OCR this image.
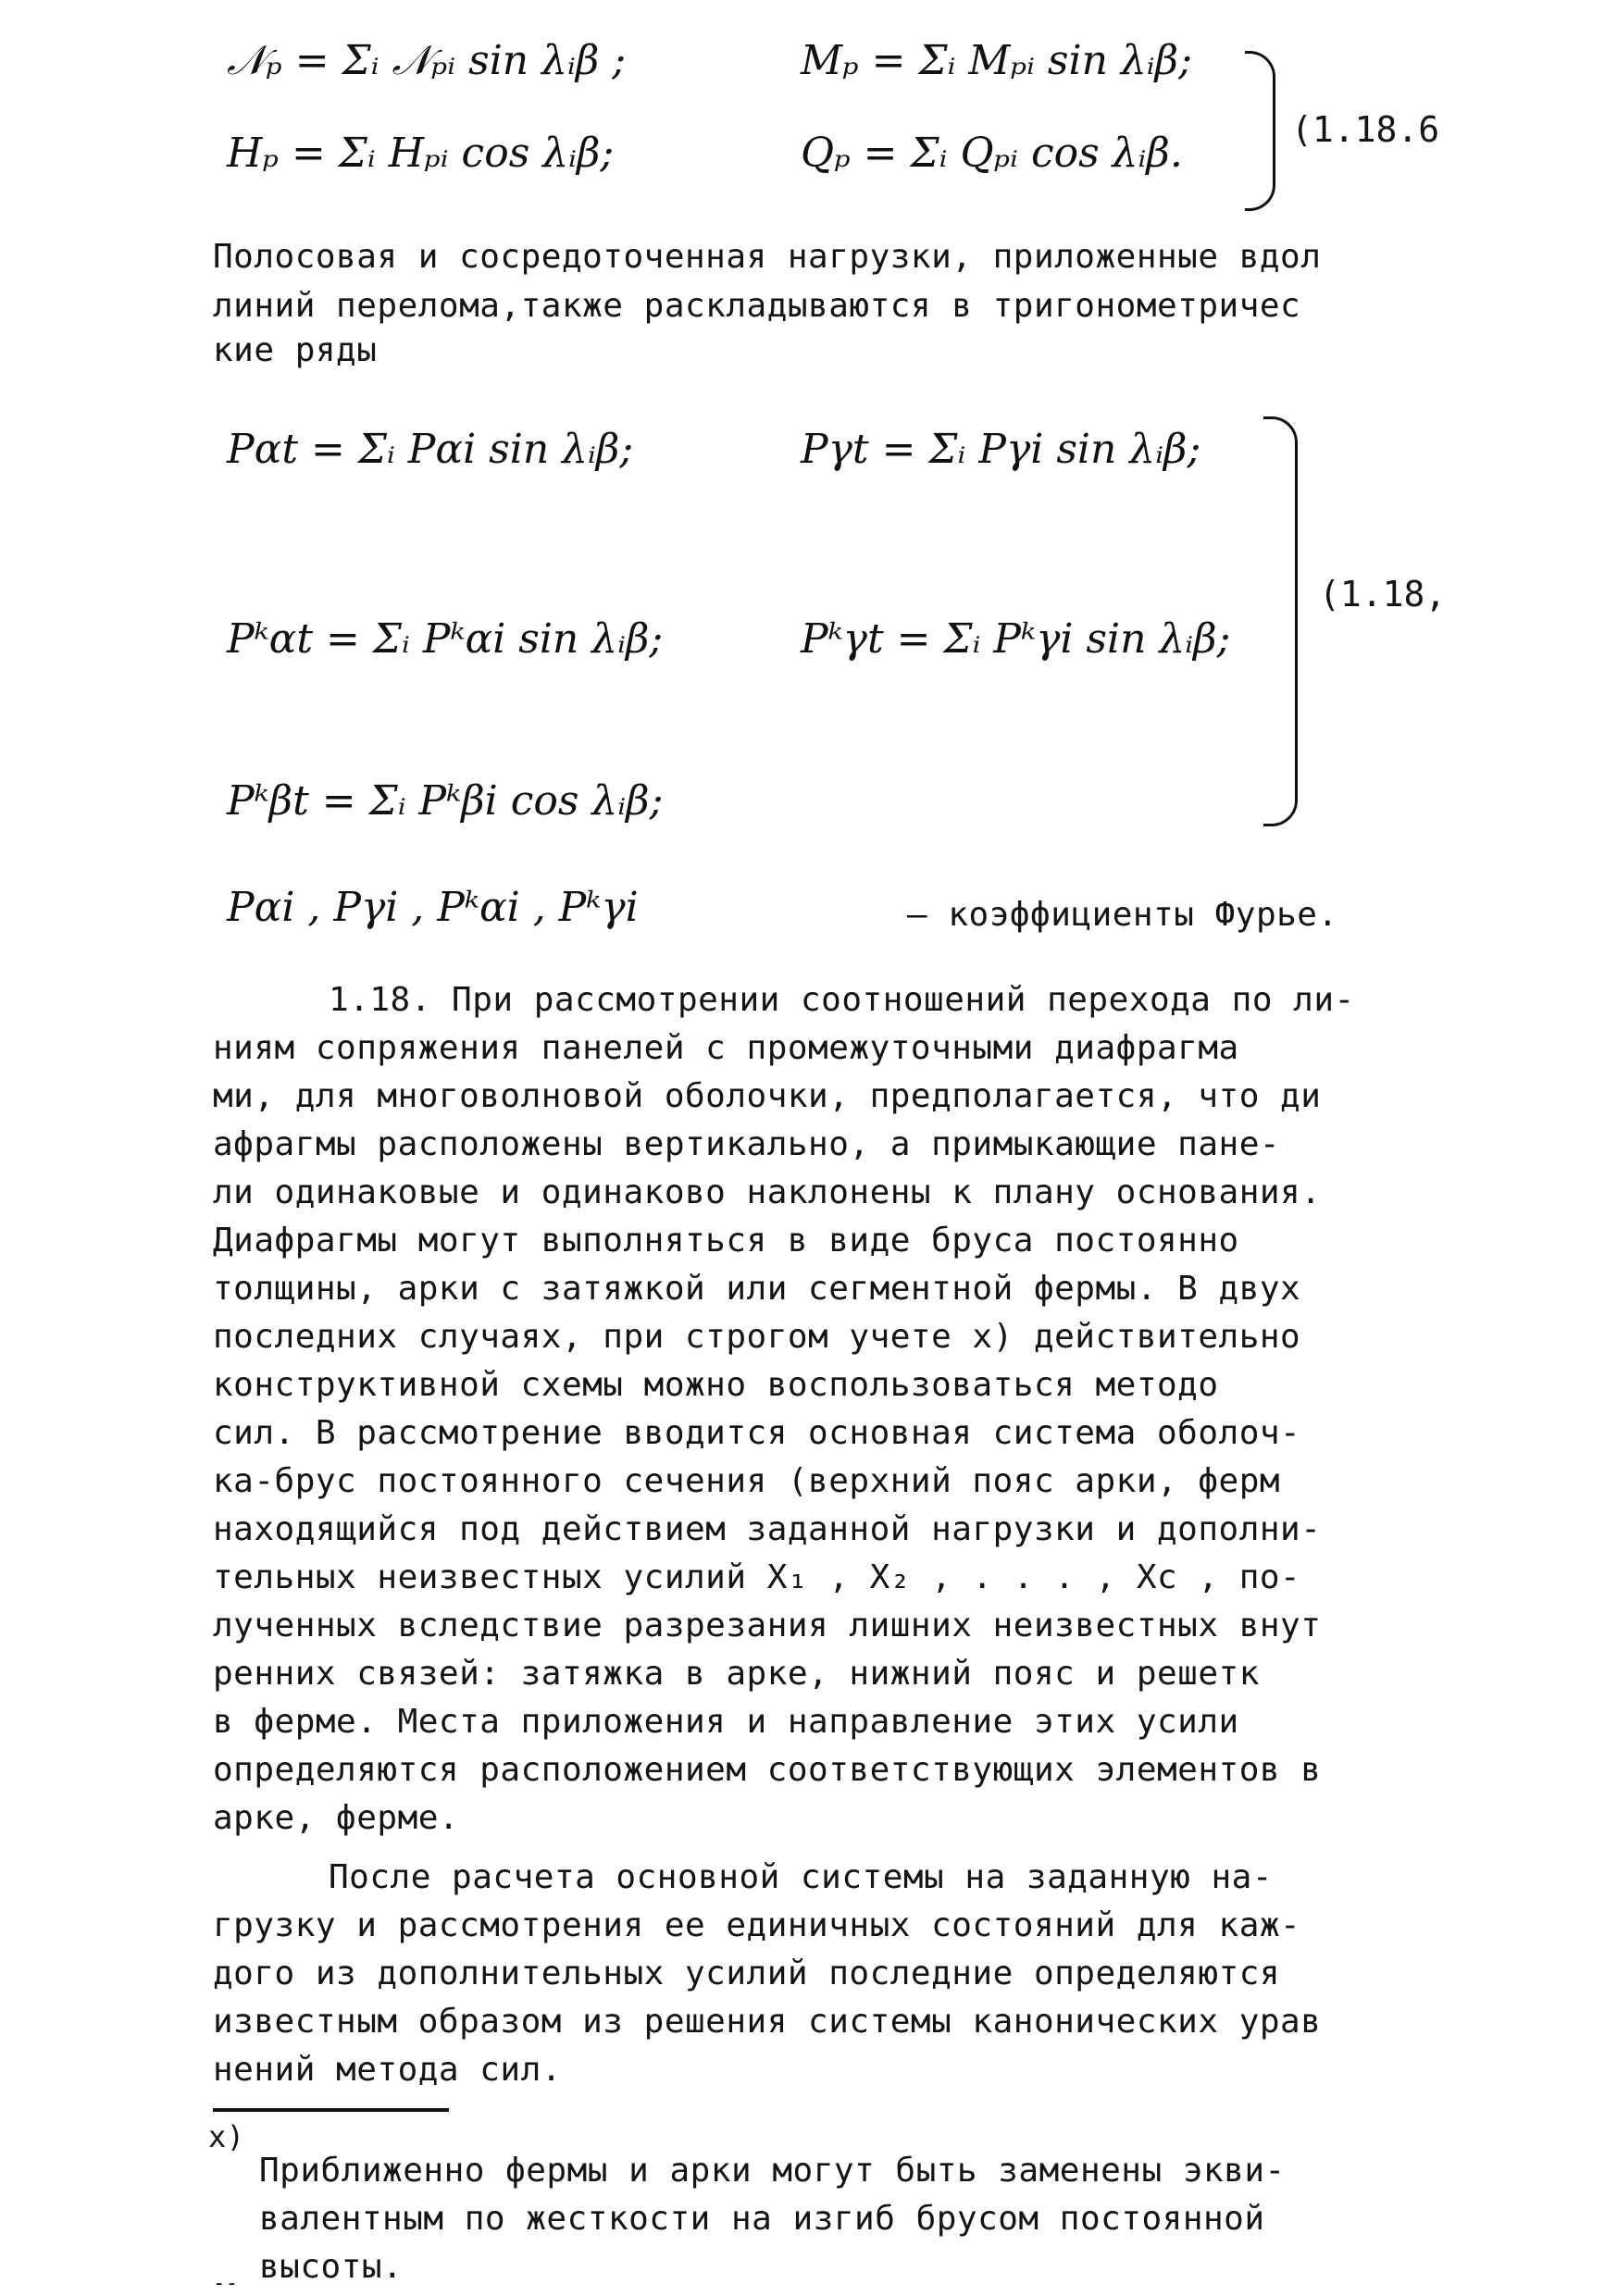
𝒩ₚ = Σᵢ 𝒩ₚᵢ sin λᵢβ ;	Mₚ = Σᵢ Mₚᵢ sin λᵢβ;
Hₚ = Σᵢ Hₚᵢ cos λᵢβ;	Qₚ = Σᵢ Qₚᵢ cos λᵢβ.	(1.18.6
Полосовая и сосредоточенная нагрузки, приложенные вдол
линий перелома,также раскладываются в тригонометричес
кие ряды
Pαt = Σᵢ Pαi sin λᵢβ;	Pγt = Σᵢ Pγi sin λᵢβ;
Pᵏαt = Σᵢ Pᵏαi sin λᵢβ;	Pᵏγt = Σᵢ Pᵏγi sin λᵢβ;
Pᵏβt = Σᵢ Pᵏβi cos λᵢβ;
(1.18,
Pαi , Pγi , Pᵏαi , Pᵏγi	– коэффициенты Фурье.
1.18. При рассмотрении соотношений перехода по ли-
ниям сопряжения панелей с промежуточными диафрагма
ми, для многоволновой оболочки, предполагается, что ди
афрагмы расположены вертикально, а примыкающие пане-
ли одинаковые и одинаково наклонены к плану основания.
Диафрагмы могут выполняться в виде бруса постоянно
толщины, арки с затяжкой или сегментной фермы. В двух
последних случаях, при строгом учете x) действительно
конструктивной схемы можно воспользоваться методо
сил. В рассмотрение вводится основная система оболоч-
ка-брус постоянного сечения (верхний пояс арки, ферм
находящийся под действием заданной нагрузки и дополни-
тельных неизвестных усилий X₁ , X₂ , . . . , Xc , по-
лученных вследствие разрезания лишних неизвестных внут
ренних связей: затяжка в арке, нижний пояс и решетк
в ферме. Места приложения и направление этих усили
определяются расположением соответствующих элементов в
арке, ферме.
После расчета основной системы на заданную на-
грузку и рассмотрения ее единичных состояний для каж-
дого из дополнительных усилий последние определяются
известным образом из решения системы канонических урав
нений метода сил.
x)
Приближенно фермы и арки могут быть заменены экви-
валентным по жесткости на изгиб брусом постоянной
высоты.
--
